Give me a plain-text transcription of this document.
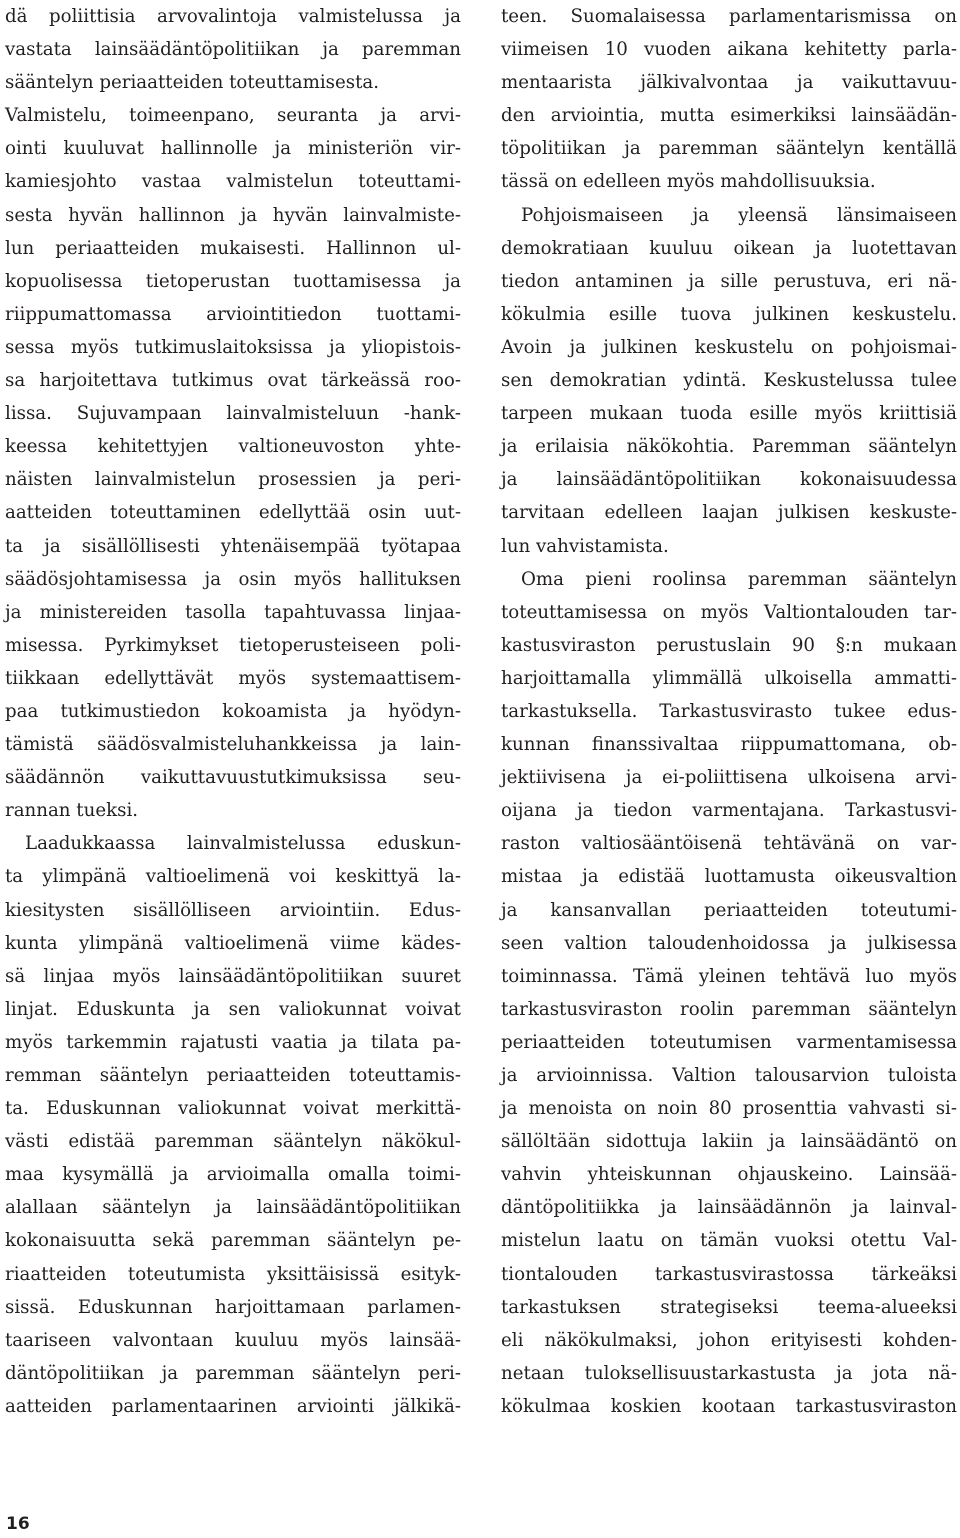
dä poliittisia arvovalintoja valmistelussa ja
vastata lainsäädäntöpolitiikan ja paremman
sääntelyn periaatteiden toteuttamisesta.
Valmistelu, toimeenpano, seuranta ja arvi-
ointi kuuluvat hallinnolle ja ministeriön vir-
kamiesjohto vastaa valmistelun toteuttami-
sesta hyvän hallinnon ja hyvän lainvalmiste-
lun periaatteiden mukaisesti. Hallinnon ul-
kopuolisessa tietoperustan tuottamisessa ja
riippumattomassa arviointitiedon tuottami-
sessa myös tutkimuslaitoksissa ja yliopistois-
sa harjoitettava tutkimus ovat tärkeässä roo-
lissa. Sujuvampaan lainvalmisteluun -hank-
keessa kehitettyjen valtioneuvoston yhte-
näisten lainvalmistelun prosessien ja peri-
aatteiden toteuttaminen edellyttää osin uut-
ta ja sisällöllisesti yhtenäisempää työtapaa
säädösjohtamisessa ja osin myös hallituksen
ja ministereiden tasolla tapahtuvassa linjaa-
misessa. Pyrkimykset tietoperusteiseen poli-
tiikkaan edellyttävät myös systemaattisem-
paa tutkimustiedon kokoamista ja hyödyn-
tämistä säädösvalmisteluhankkeissa ja lain-
säädännön vaikuttavuustutkimuksissa seu-
rannan tueksi.
Laadukkaassa lainvalmistelussa eduskun-
ta ylimpänä valtioelimenä voi keskittyä la-
kiesitysten sisällölliseen arviointiin. Edus-
kunta ylimpänä valtioelimenä viime kädes-
sä linjaa myös lainsäädäntöpolitiikan suuret
linjat. Eduskunta ja sen valiokunnat voivat
myös tarkemmin rajatusti vaatia ja tilata pa-
remman sääntelyn periaatteiden toteuttamis-
ta. Eduskunnan valiokunnat voivat merkittä-
västi edistää paremman sääntelyn näkökul-
maa kysymällä ja arvioimalla omalla toimi-
alallaan sääntelyn ja lainsäädäntöpolitiikan
kokonaisuutta sekä paremman sääntelyn pe-
riaatteiden toteutumista yksittäisissä esityk-
sissä. Eduskunnan harjoittamaan parlamen-
taariseen valvontaan kuuluu myös lainsää-
däntöpolitiikan ja paremman sääntelyn peri-
aatteiden parlamentaarinen arviointi jälkikä-
teen. Suomalaisessa parlamentarismissa on
viimeisen 10 vuoden aikana kehitetty parla-
mentaarista jälkivalvontaa ja vaikuttavuu-
den arviointia, mutta esimerkiksi lainsäädän-
töpolitiikan ja paremman sääntelyn kentällä
tässä on edelleen myös mahdollisuuksia.
Pohjoismaiseen ja yleensä länsimaiseen
demokratiaan kuuluu oikean ja luotettavan
tiedon antaminen ja sille perustuva, eri nä-
kökulmia esille tuova julkinen keskustelu.
Avoin ja julkinen keskustelu on pohjoismai-
sen demokratian ydintä. Keskustelussa tulee
tarpeen mukaan tuoda esille myös kriittisiä
ja erilaisia näkökohtia. Paremman sääntelyn
ja lainsäädäntöpolitiikan kokonaisuudessa
tarvitaan edelleen laajan julkisen keskuste-
lun vahvistamista.
Oma pieni roolinsa paremman sääntelyn
toteuttamisessa on myös Valtiontalouden tar-
kastusviraston perustuslain 90 §:n mukaan
harjoittamalla ylimmällä ulkoisella ammatti-
tarkastuksella. Tarkastusvirasto tukee edus-
kunnan finanssivaltaa riippumattomana, ob-
jektiivisena ja ei-poliittisena ulkoisena arvi-
oijana ja tiedon varmentajana. Tarkastusvi-
raston valtiosääntöisenä tehtävänä on var-
mistaa ja edistää luottamusta oikeusvaltion
ja kansanvallan periaatteiden toteutumi-
seen valtion taloudenhoidossa ja julkisessa
toiminnassa. Tämä yleinen tehtävä luo myös
tarkastusviraston roolin paremman sääntelyn
periaatteiden toteutumisen varmentamisessa
ja arvioinnissa. Valtion talousarvion tuloista
ja menoista on noin 80 prosenttia vahvasti si-
sällöltään sidottuja lakiin ja lainsäädäntö on
vahvin yhteiskunnan ohjauskeino. Lainsää-
däntöpolitiikka ja lainsäädännön ja lainval-
mistelun laatu on tämän vuoksi otettu Val-
tiontalouden tarkastusvirastossa tärkeäksi
tarkastuksen strategiseksi teema-alueeksi
eli näkökulmaksi, johon erityisesti kohden-
netaan tuloksellisuustarkastusta ja jota nä-
kökulmaa koskien kootaan tarkastusviraston
16
